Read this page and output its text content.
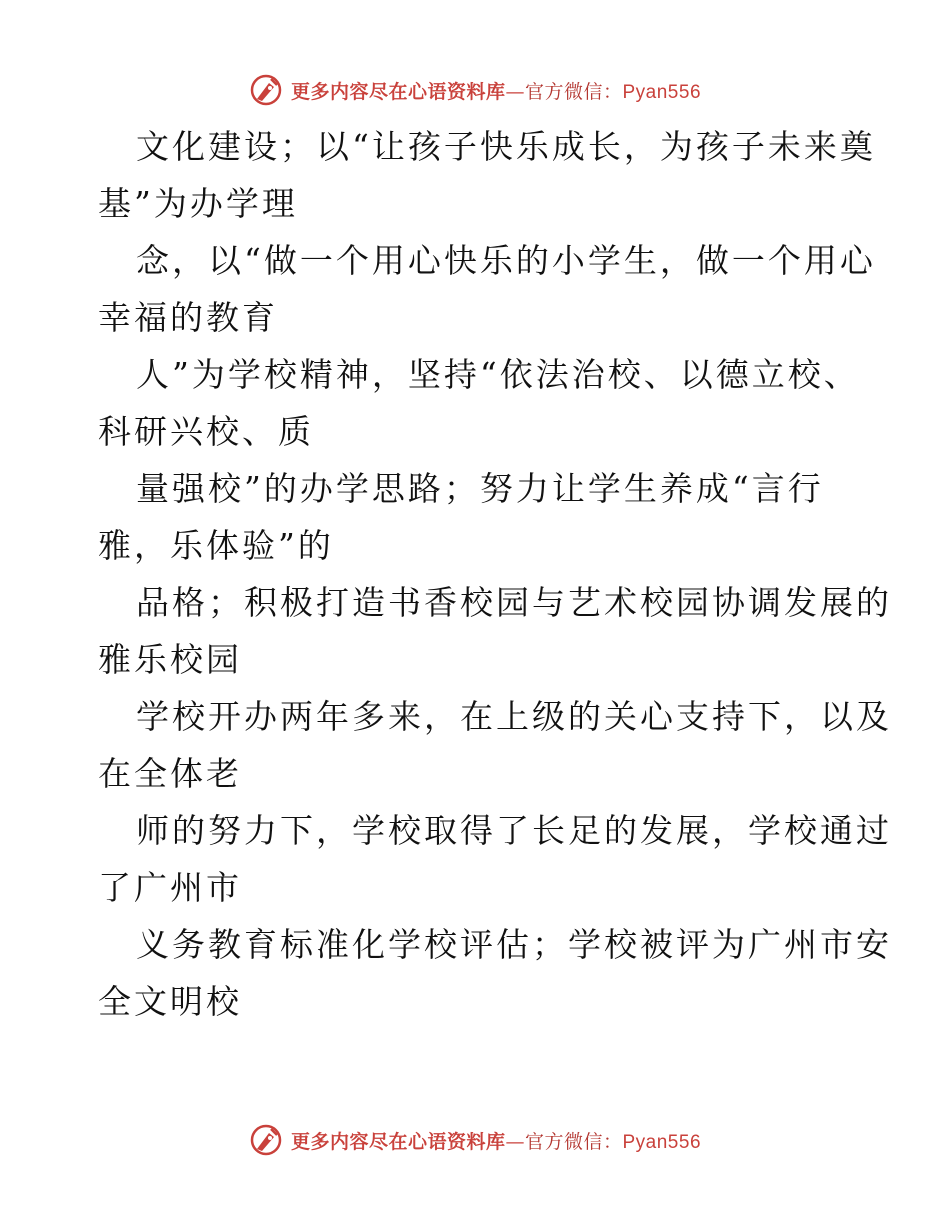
更多内容尽在心语资料库—官方微信：Pyan556
文化建设；以“让孩子快乐成长，为孩子未来奠
基”为办学理
念，以“做一个用心快乐的小学生，做一个用心
幸福的教育
人”为学校精神，坚持“依法治校、以德立校、
科研兴校、质
量强校”的办学思路；努力让学生养成“言行
雅，乐体验”的
品格；积极打造书香校园与艺术校园协调发展的
雅乐校园
学校开办两年多来，在上级的关心支持下，以及
在全体老
师的努力下，学校取得了长足的发展，学校通过
了广州市
义务教育标准化学校评估；学校被评为广州市安
全文明校
更多内容尽在心语资料库—官方微信：Pyan556
